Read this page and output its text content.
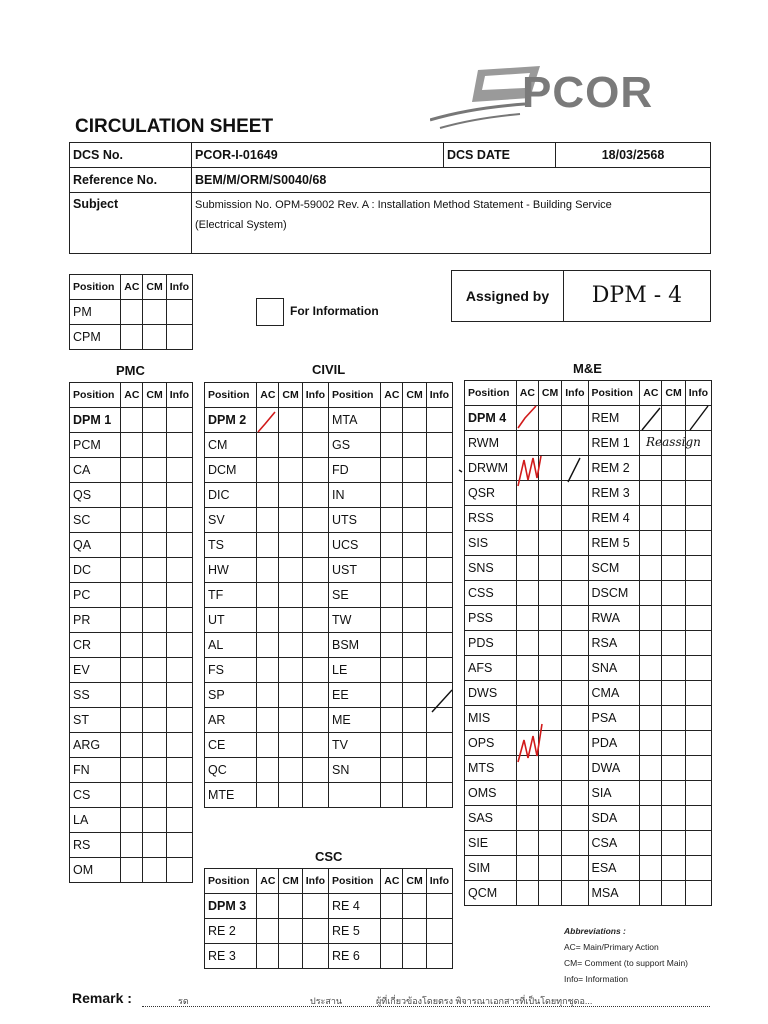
PCOR
CIRCULATION SHEET
DCS No.	PCOR-I-01649	DCS DATE	18/03/2568
Reference No.	BEM/M/ORM/S0040/68		
Subject	Submission No. OPM-59002 Rev. A : Installation Method Statement - Building Service
(Electrical System)		
Position	AC	CM	Info
PM			
CPM			
For Information
Assigned by	DPM - 4
PMC	CIVIL	M&E
CSC
Position	AC	CM	Info
DPM 1			
PCM			
CA			
QS			
SC			
QA			
DC			
PC			
PR			
CR			
EV			
SS			
ST			
ARG			
FN			
CS			
LA			
RS			
OM			
Position	AC	CM	Info	Position	AC	CM	Info
DPM 2				MTA			
CM				GS			
DCM				FD			
DIC				IN			
SV				UTS			
TS				UCS			
HW				UST			
TF				SE			
UT				TW			
AL				BSM			
FS				LE			
SP				EE			
AR				ME			
CE				TV			
QC				SN			
MTE							
Position	AC	CM	Info	Position	AC	CM	Info
DPM 4				REM			
RWM				REM 1			
DRWM				REM 2			
QSR				REM 3			
RSS				REM 4			
SIS				REM 5			
SNS				SCM			
CSS				DSCM			
PSS				RWA			
PDS				RSA			
AFS				SNA			
DWS				CMA			
MIS				PSA			
OPS				PDA			
MTS				DWA			
OMS				SIA			
SAS				SDA			
SIE				CSA			
SIM				ESA			
QCM				MSA			
Position	AC	CM	Info	Position	AC	CM	Info
DPM 3				RE 4			
RE 2				RE 5			
RE 3				RE 6			
Reassign
Abbreviations :
AC= Main/Primary Action
CM= Comment (to support Main)
Info= Information
Remark :	รด	ประสาน	ผู้ที่เกี่ยวข้องโดยตรง พิจารณาเอกสารที่เป็นโดยทุกชุดอ...
